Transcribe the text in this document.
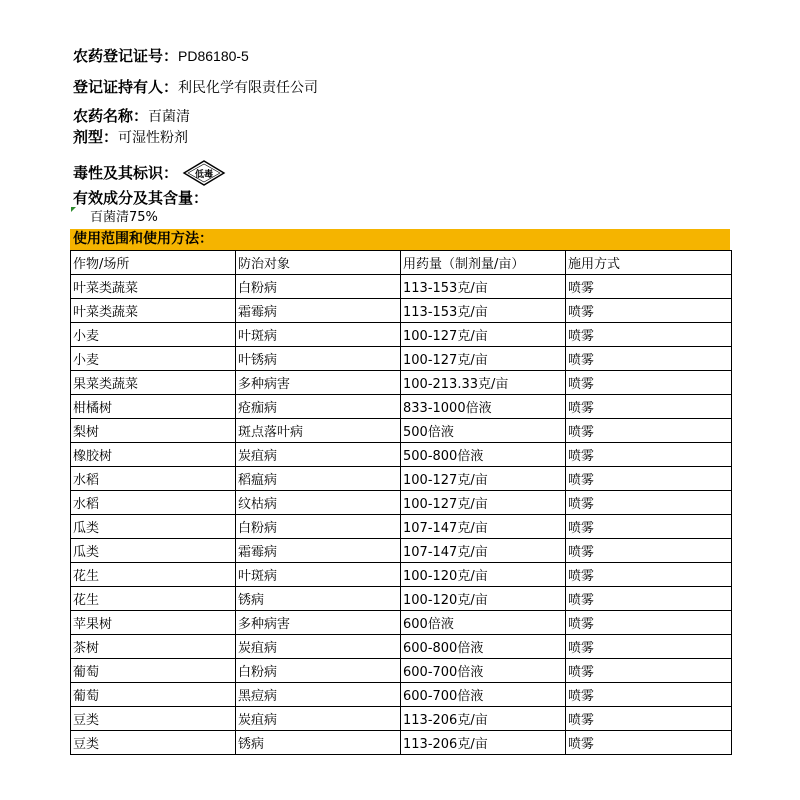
农药登记证号：PD86180-5
登记证持有人：利民化学有限责任公司
农药名称：百菌清
剂型：可湿性粉剂
毒性及其标识：	低毒
有效成分及其含量：
百菌清75%
使用范围和使用方法：
作物/场所	防治对象	用药量（制剂量/亩）	施用方式
叶菜类蔬菜	白粉病	113-153克/亩	喷雾
叶菜类蔬菜	霜霉病	113-153克/亩	喷雾
小麦	叶斑病	100-127克/亩	喷雾
小麦	叶锈病	100-127克/亩	喷雾
果菜类蔬菜	多种病害	100-213.33克/亩	喷雾
柑橘树	疮痂病	833-1000倍液	喷雾
梨树	斑点落叶病	500倍液	喷雾
橡胶树	炭疽病	500-800倍液	喷雾
水稻	稻瘟病	100-127克/亩	喷雾
水稻	纹枯病	100-127克/亩	喷雾
瓜类	白粉病	107-147克/亩	喷雾
瓜类	霜霉病	107-147克/亩	喷雾
花生	叶斑病	100-120克/亩	喷雾
花生	锈病	100-120克/亩	喷雾
苹果树	多种病害	600倍液	喷雾
茶树	炭疽病	600-800倍液	喷雾
葡萄	白粉病	600-700倍液	喷雾
葡萄	黑痘病	600-700倍液	喷雾
豆类	炭疽病	113-206克/亩	喷雾
豆类	锈病	113-206克/亩	喷雾
